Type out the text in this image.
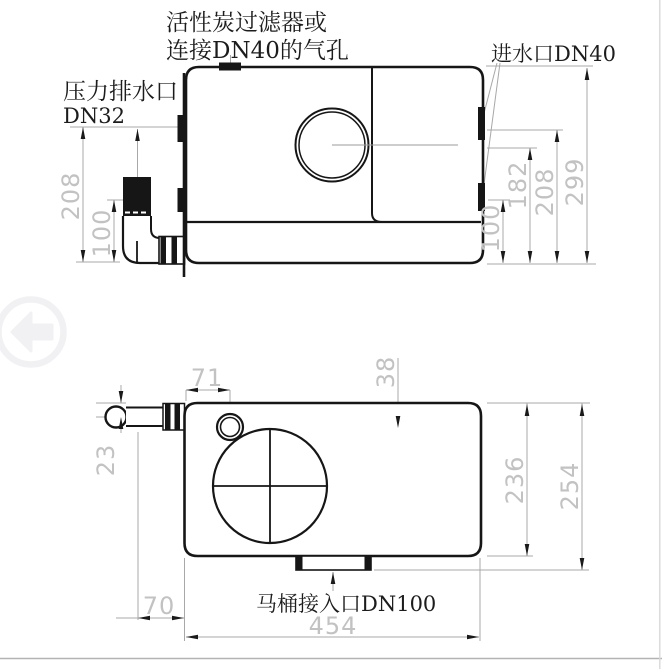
活性炭过滤器或
连接DN40的气孔
压力排水口
DN32
进水口DN40
208
100	100
182 208 299
马桶接入口DN100
71	38
23	236 254
70
454
